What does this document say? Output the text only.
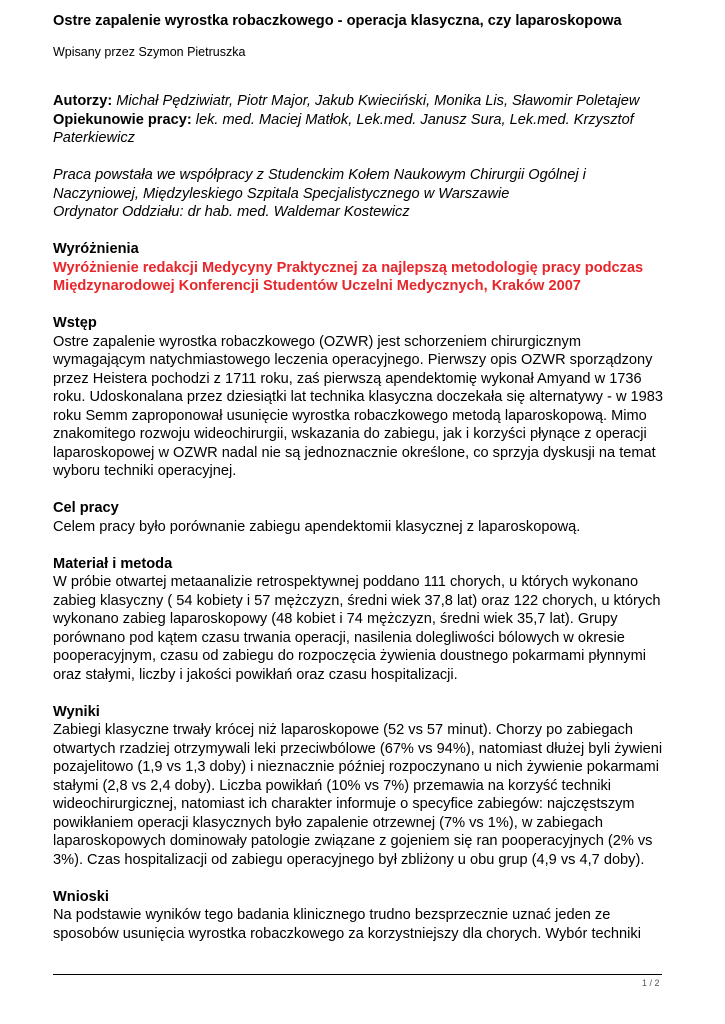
Ostre zapalenie wyrostka robaczkowego - operacja klasyczna, czy laparoskopowa
Wpisany przez Szymon Pietruszka

Autorzy: Michał Pędziwiatr, Piotr Major, Jakub Kwieciński, Monika Lis, Sławomir Poletajew

Opiekunowie pracy: lek. med. Maciej Matłok, Lek.med. Janusz Sura, Lek.med. Krzysztof

Paterkiewicz

Praca powstała we współpracy z Studenckim Kołem Naukowym Chirurgii Ogólnej i

Naczyniowej, Międzyleskiego Szpitala Specjalistycznego w Warszawie

Ordynator Oddziału: dr hab. med. Waldemar Kostewicz

Wyróżnienia

Wyróżnienie redakcji Medycyny Praktycznej za najlepszą metodologię pracy podczas

Międzynarodowej Konferencji Studentów Uczelni Medycznych, Kraków 2007

Wstęp

Ostre zapalenie wyrostka robaczkowego (OZWR) jest schorzeniem chirurgicznym

wymagającym natychmiastowego leczenia operacyjnego. Pierwszy opis OZWR sporządzony

przez Heistera pochodzi z 1711 roku, zaś pierwszą apendektomię wykonał Amyand w 1736

roku. Udoskonalana przez dziesiątki lat technika klasyczna doczekała się alternatywy - w 1983

roku Semm zaproponował usunięcie wyrostka robaczkowego metodą laparoskopową. Mimo

znakomitego rozwoju wideochirurgii, wskazania do zabiegu, jak i korzyści płynące z operacji

laparoskopowej w OZWR nadal nie są jednoznacznie określone, co sprzyja dyskusji na temat

wyboru techniki operacyjnej.

Cel pracy

Celem pracy było porównanie zabiegu apendektomii klasycznej z laparoskopową.

Materiał i metoda

W próbie otwartej metaanalizie retrospektywnej poddano 111 chorych, u których wykonano

zabieg klasyczny ( 54 kobiety i 57 mężczyzn, średni wiek 37,8 lat) oraz 122 chorych, u których

wykonano zabieg laparoskopowy (48 kobiet i 74 mężczyzn, średni wiek 35,7 lat). Grupy

porównano pod kątem czasu trwania operacji, nasilenia dolegliwości bólowych w okresie

pooperacyjnym, czasu od zabiegu do rozpoczęcia żywienia doustnego pokarmami płynnymi

oraz stałymi, liczby i jakości powikłań oraz czasu hospitalizacji.

Wyniki

Zabiegi klasyczne trwały krócej niż laparoskopowe (52 vs 57 minut). Chorzy po zabiegach

otwartych rzadziej otrzymywali leki przeciwbólowe (67% vs 94%), natomiast dłużej byli żywieni

pozajelitowo (1,9 vs 1,3 doby) i nieznacznie później rozpoczynano u nich żywienie pokarmami

stałymi (2,8 vs 2,4 doby). Liczba powikłań (10% vs 7%) przemawia na korzyść techniki

wideochirurgicznej, natomiast ich charakter informuje o specyfice zabiegów: najczęstszym

powikłaniem operacji klasycznych było zapalenie otrzewnej (7% vs 1%), w zabiegach

laparoskopowych dominowały patologie związane z gojeniem się ran pooperacyjnych (2% vs

3%). Czas hospitalizacji od zabiegu operacyjnego był zbliżony u obu grup (4,9 vs 4,7 doby).

Wnioski

Na podstawie wyników tego badania klinicznego trudno bezsprzecznie uznać jeden ze

sposobów usunięcia wyrostka robaczkowego za korzystniejszy dla chorych. Wybór techniki

1 / 2
